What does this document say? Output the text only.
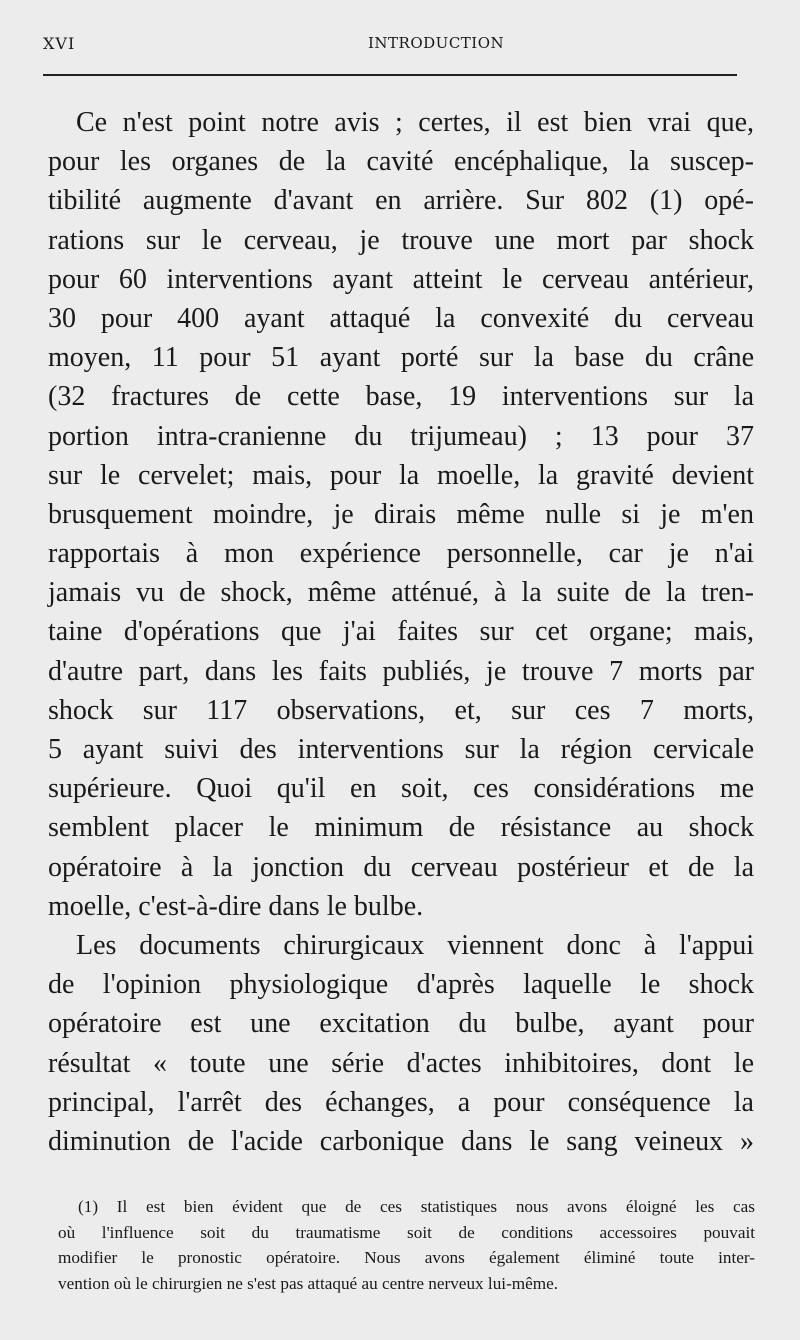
XVI	INTRODUCTION
Ce n'est point notre avis ; certes, il est bien vrai que,
pour les organes de la cavité encéphalique, la suscep-
tibilité augmente d'avant en arrière. Sur 802 (1) opé-
rations sur le cerveau, je trouve une mort par shock
pour 60 interventions ayant atteint le cerveau antérieur,
30 pour 400 ayant attaqué la convexité du cerveau
moyen, 11 pour 51 ayant porté sur la base du crâne
(32 fractures de cette base, 19 interventions sur la
portion intra-cranienne du trijumeau) ; 13 pour 37
sur le cervelet; mais, pour la moelle, la gravité devient
brusquement moindre, je dirais même nulle si je m'en
rapportais à mon expérience personnelle, car je n'ai
jamais vu de shock, même atténué, à la suite de la tren-
taine d'opérations que j'ai faites sur cet organe; mais,
d'autre part, dans les faits publiés, je trouve 7 morts par
shock sur 117 observations, et, sur ces 7 morts,
5 ayant suivi des interventions sur la région cervicale
supérieure. Quoi qu'il en soit, ces considérations me
semblent placer le minimum de résistance au shock
opératoire à la jonction du cerveau postérieur et de la
moelle, c'est-à-dire dans le bulbe.
Les documents chirurgicaux viennent donc à l'appui
de l'opinion physiologique d'après laquelle le shock
opératoire est une excitation du bulbe, ayant pour
résultat « toute une série d'actes inhibitoires, dont le
principal, l'arrêt des échanges, a pour conséquence la
diminution de l'acide carbonique dans le sang veineux »
(1) Il est bien évident que de ces statistiques nous avons éloigné les cas
où l'influence soit du traumatisme soit de conditions accessoires pouvait
modifier le pronostic opératoire. Nous avons également éliminé toute inter-
vention où le chirurgien ne s'est pas attaqué au centre nerveux lui-même.
